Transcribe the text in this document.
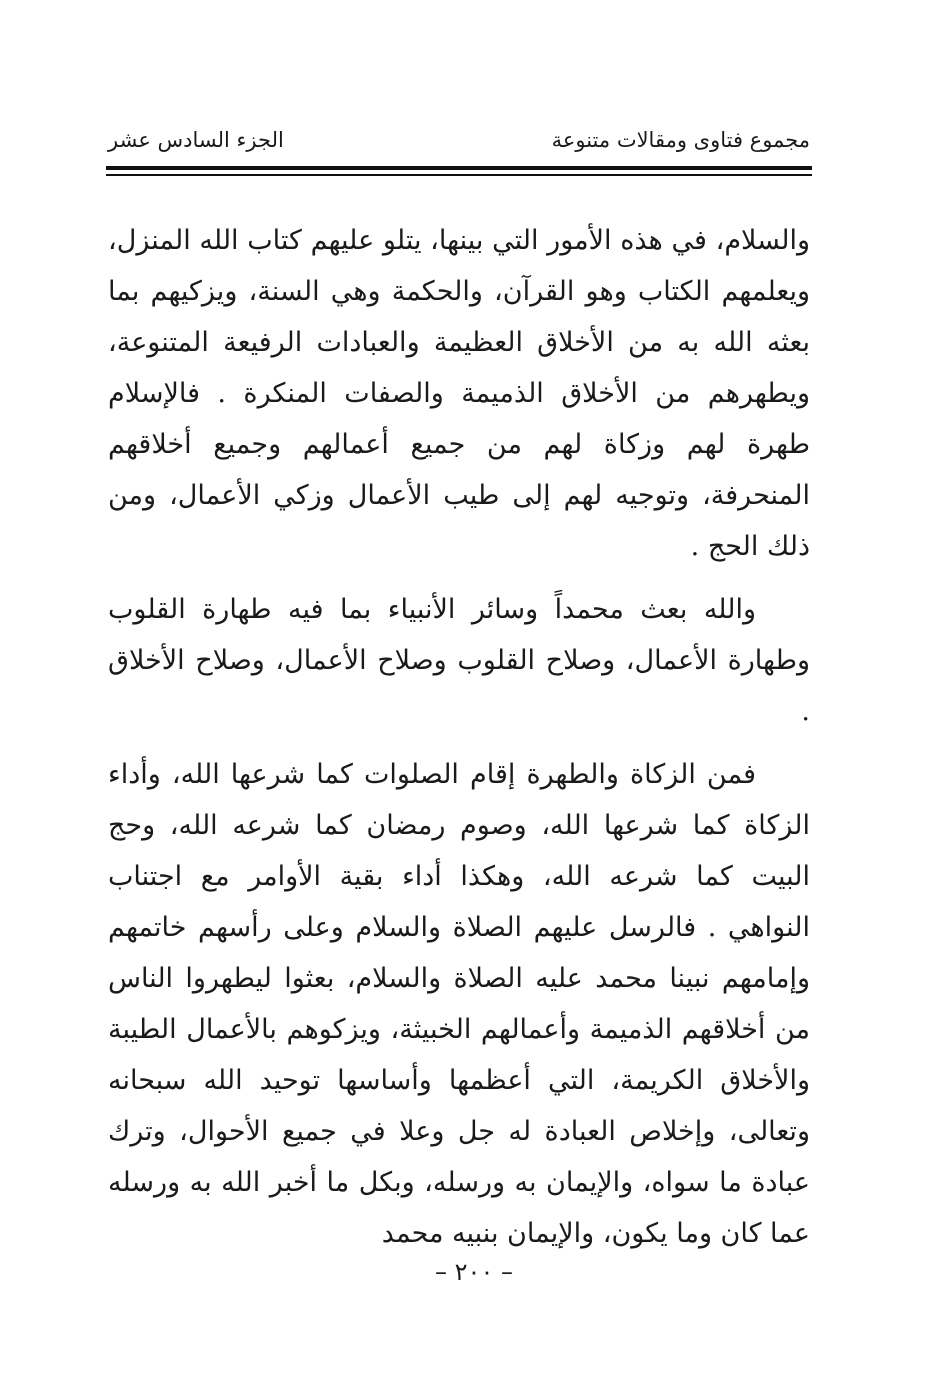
مجموع فتاوى ومقالات متنوعة
الجزء السادس عشر

والسلام، في هذه الأمور التي بينها، يتلو عليهم كتاب الله المنزل، ويعلمهم الكتاب وهو القرآن، والحكمة وهي السنة، ويزكيهم بما بعثه الله به من الأخلاق العظيمة والعبادات الرفيعة المتنوعة، ويطهرهم من الأخلاق الذميمة والصفات المنكرة . فالإسلام طهرة لهم وزكاة لهم من جميع أعمالهم وجميع أخلاقهم المنحرفة، وتوجيه لهم إلى طيب الأعمال وزكي الأعمال، ومن ذلك الحج .

والله بعث محمداً وسائر الأنبياء بما فيه طهارة القلوب وطهارة الأعمال، وصلاح القلوب وصلاح الأعمال، وصلاح الأخلاق .

فمن الزكاة والطهرة إقام الصلوات كما شرعها الله، وأداء الزكاة كما شرعها الله، وصوم رمضان كما شرعه الله، وحج البيت كما شرعه الله، وهكذا أداء بقية الأوامر مع اجتناب النواهي . فالرسل عليهم الصلاة والسلام وعلى رأسهم خاتمهم وإمامهم نبينا محمد عليه الصلاة والسلام، بعثوا ليطهروا الناس من أخلاقهم الذميمة وأعمالهم الخبيثة، ويزكوهم بالأعمال الطيبة والأخلاق الكريمة، التي أعظمها وأساسها توحيد الله سبحانه وتعالى، وإخلاص العبادة له جل وعلا في جميع الأحوال، وترك عبادة ما سواه، والإيمان به ورسله، وبكل ما أخبر الله به ورسله عما كان وما يكون، والإيمان بنبيه محمد

– ٢٠٠ –
